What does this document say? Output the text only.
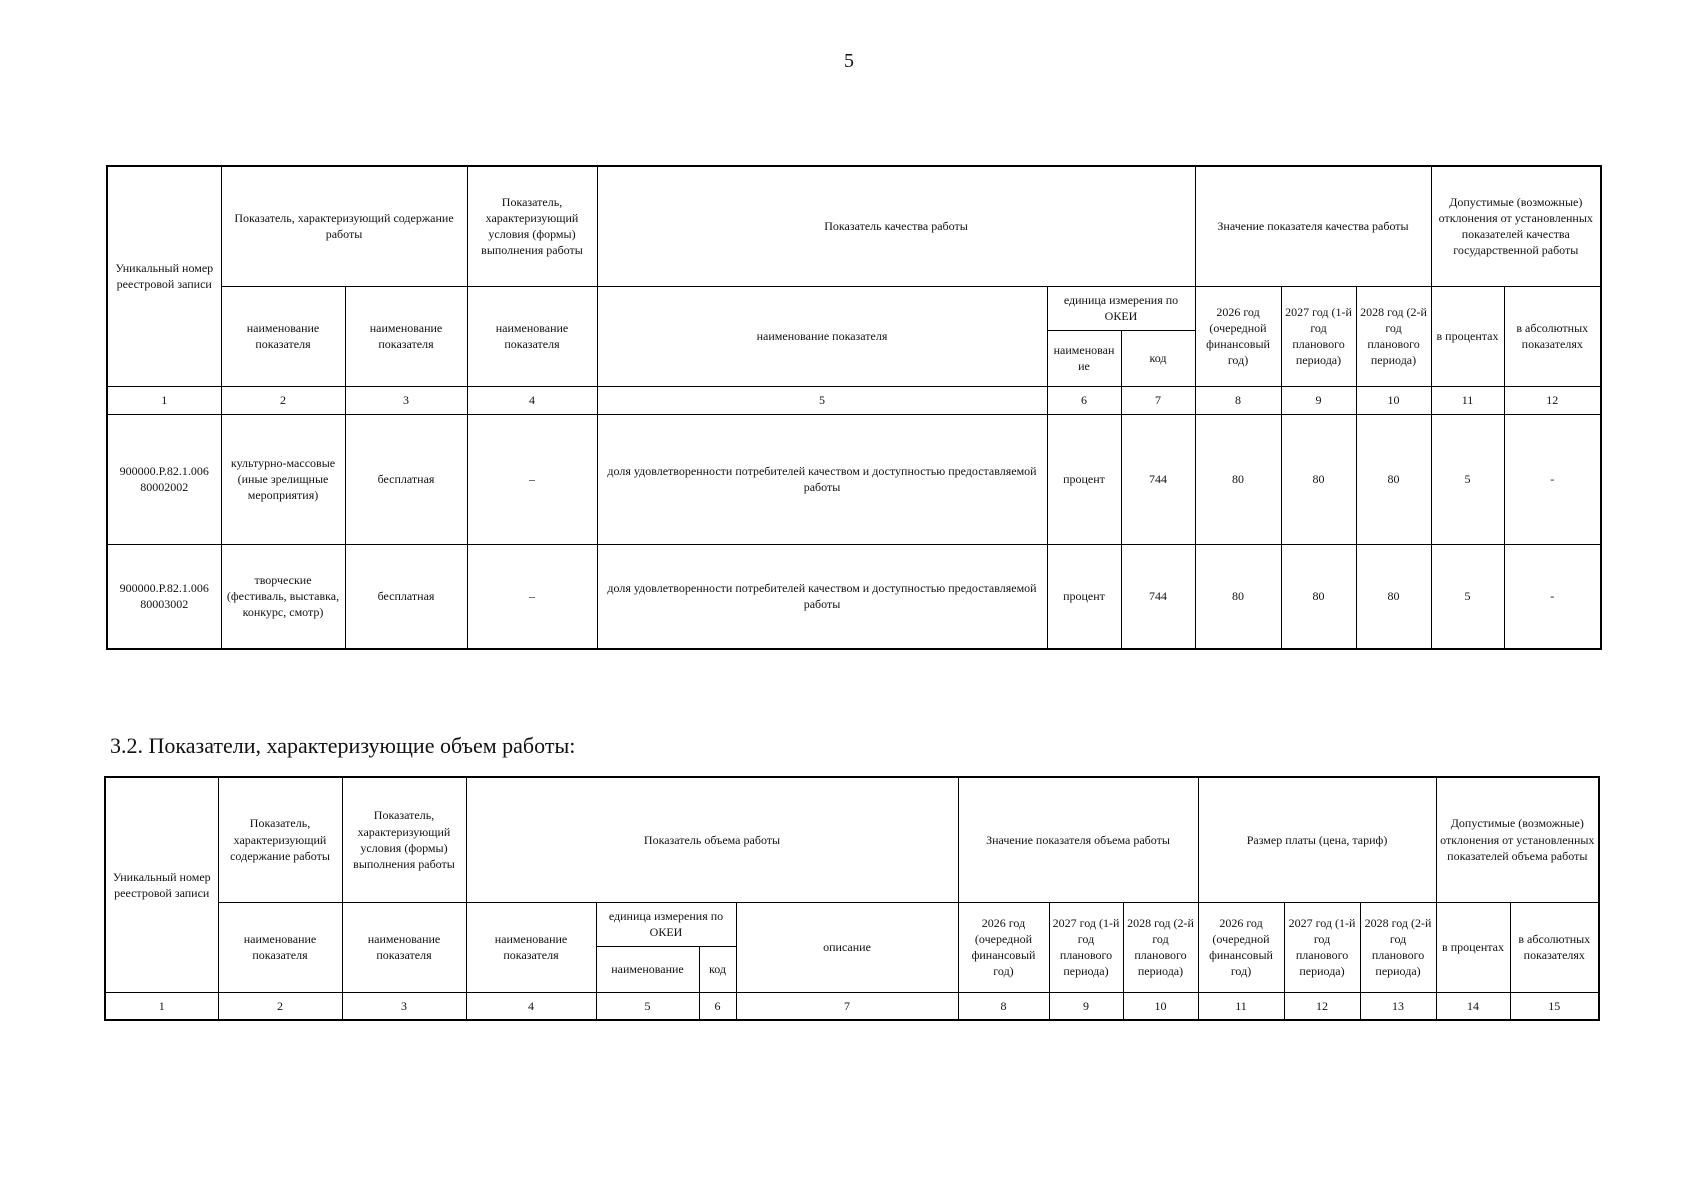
5
Уникальный номер реестровой записи	Показатель, характеризующий содержание работы		Показатель, характеризующий условия (формы) выполнения работы	Показатель качества работы			Значение показателя качества работы			Допустимые (возможные) отклонения от установленных показателей качества государственной работы	
	наименование показателя	наименование показателя	наименование показателя	наименование показателя	единица измерения по ОКЕИ		2026 год (очередной финансовый год)	2027 год (1-й год планового периода)	2028 год (2-й год планового периода)	в процентах	в абсолютных показателях
					наименован ие	код					
1	2	3	4	5	6	7	8	9	10	11	12
900000.Р.82.1.006 80002002	культурно-массовые (иные зрелищные мероприятия)	бесплатная	–	доля удовлетворенности потребителей качеством и доступностью предоставляемой работы	процент	744	80	80	80	5	-
900000.Р.82.1.006 80003002	творческие (фестиваль, выставка, конкурс, смотр)	бесплатная	–	доля удовлетворенности потребителей качеством и доступностью предоставляемой работы	процент	744	80	80	80	5	-
3.2. Показатели, характеризующие объем работы:
Уникальный номер реестровой записи	Показатель, характеризующий содержание работы	Показатель, характеризующий условия (формы) выполнения работы	Показатель объема работы				Значение показателя объема работы			Размер платы (цена, тариф)			Допустимые (возможные) отклонения от установленных показателей объема работы	
	наименование показателя	наименование показателя	наименование показателя	единица измерения по ОКЕИ		описание	2026 год (очередной финансовый год)	2027 год (1-й год планового периода)	2028 год (2-й год планового периода)	2026 год (очередной финансовый год)	2027 год (1-й год планового периода)	2028 год (2-й год планового периода)	в процентах	в абсолютных показателях
				наименование	код									
1	2	3	4	5	6	7	8	9	10	11	12	13	14	15
